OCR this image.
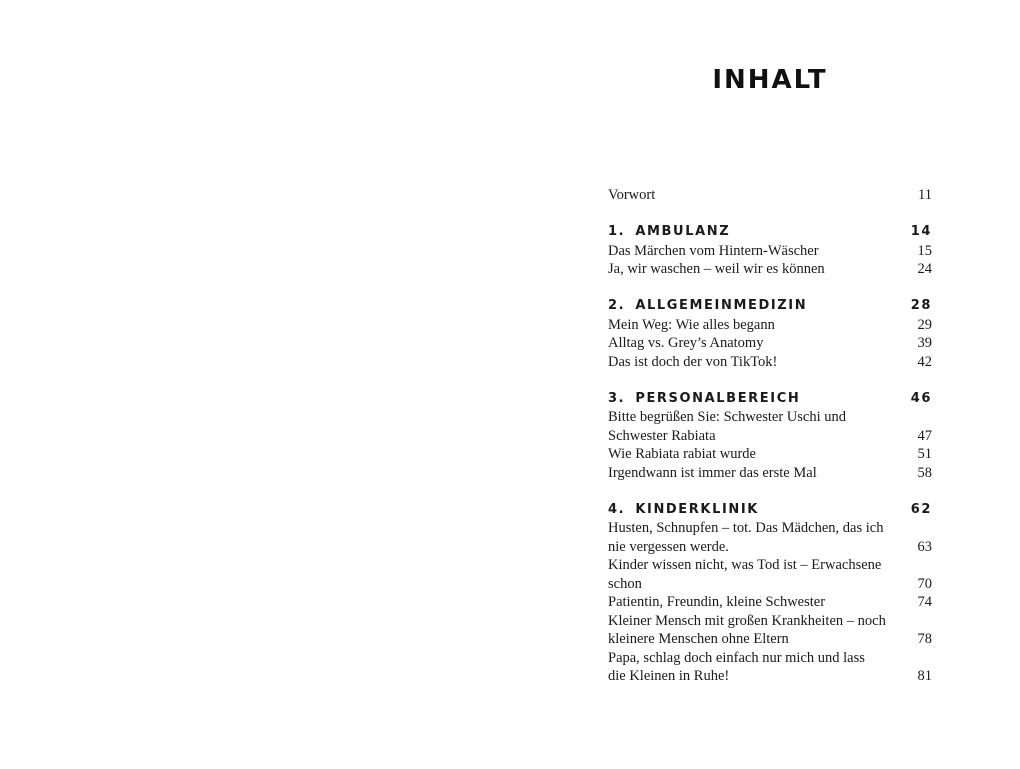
INHALT
Vorwort	11
1. AMBULANZ	14
Das Märchen vom Hintern-Wäscher	15
Ja, wir waschen – weil wir es können	24
2. ALLGEMEINMEDIZIN	28
Mein Weg: Wie alles begann	29
Alltag vs. Grey’s Anatomy	39
Das ist doch der von TikTok!	42
3. PERSONALBEREICH	46
Bitte begrüßen Sie: Schwester Uschi und Schwester Rabiata	47
Wie Rabiata rabiat wurde	51
Irgendwann ist immer das erste Mal	58
4. KINDERKLINIK	62
Husten, Schnupfen – tot. Das Mädchen, das ich nie vergessen werde.	63
Kinder wissen nicht, was Tod ist – Erwachsene schon	70
Patientin, Freundin, kleine Schwester	74
Kleiner Mensch mit großen Krankheiten – noch kleinere Menschen ohne Eltern	78
Papa, schlag doch einfach nur mich und lass die Kleinen in Ruhe!	81
